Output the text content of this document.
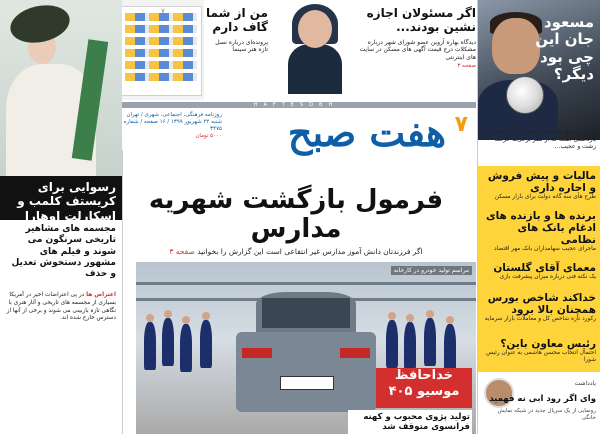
مسعود جان این چی بود دیگر؟

کاپیتان سابق تیم ملی و ستاره بازیگری در بازداشتی است که از نظر برخی‌ها حرکت زشت و عجیب...

مالیات و پیش فروش و اجاره داری

طرح های سه گانه دولت برای بازار مسکن

برنده ها و بازنده های ادغام بانک های نظامی

ماجرای عجیب سهامداران بانک مهر اقتصاد

معمای آقای گلستان

یک نکته فنی درباره میزان پیشرفت بازی

خداکند شاخص بورس همچنان بالا برود

رکورد تازه شاخص کل و معاملات بازار سرمایه

رئیس معاون باین؟

احتمال انتخاب محسن هاشمی به عنوان رئیس شورا

یادداشت

وای اگر رود ابی نه فهمید

رونمایی از یک سریال جدید در شبکه نمایش خانگی

اگر مسئولان اجازه نشین بودند...

دیدگاه بهاره آروین عضو شورای شهر درباره مشکلات درج قیمت آگهی های مسکن در سایت های اینترنتی

صفحه ۳

من از شما گاف دارم

پرونده‌ای درباره نسل تازه هنر سینما

۷
HAFTESOBH
۷
هفت صبح
روزنامه فرهنگی، اجتماعی، شهری / تهران شنبه ۲۲ شهریور ۱۳۹۹ / ۱۶ صفحه / شماره ۳۴۷۵
۵۰۰۰ تومان

فرمول بازگشت شهریه مدارس

اگر فرزندتان دانش آموز مدارس غیر انتفاعی است این گزارش را بخوانید صفحه ۳

مراسم تولید خودرو در کارخانه

خداحافظ موسیو ۴۰۵

تولید پژوی محبوب و کهنه فرانسوی متوقف شد

رسوایی برای کریستف کلمب و اسکارلت اوهارا

مجسمه های مشاهیر تاریخی سرنگون می شوند و فیلم های مشهور دستخوش تعدیل و حذف

اعتراض ها در پی اعتراضات اخیر در آمریکا بسیاری از مجسمه های تاریخی و آثار هنری با نگاهی تازه بازبینی می شوند و برخی از آنها از دسترس خارج شده اند.
